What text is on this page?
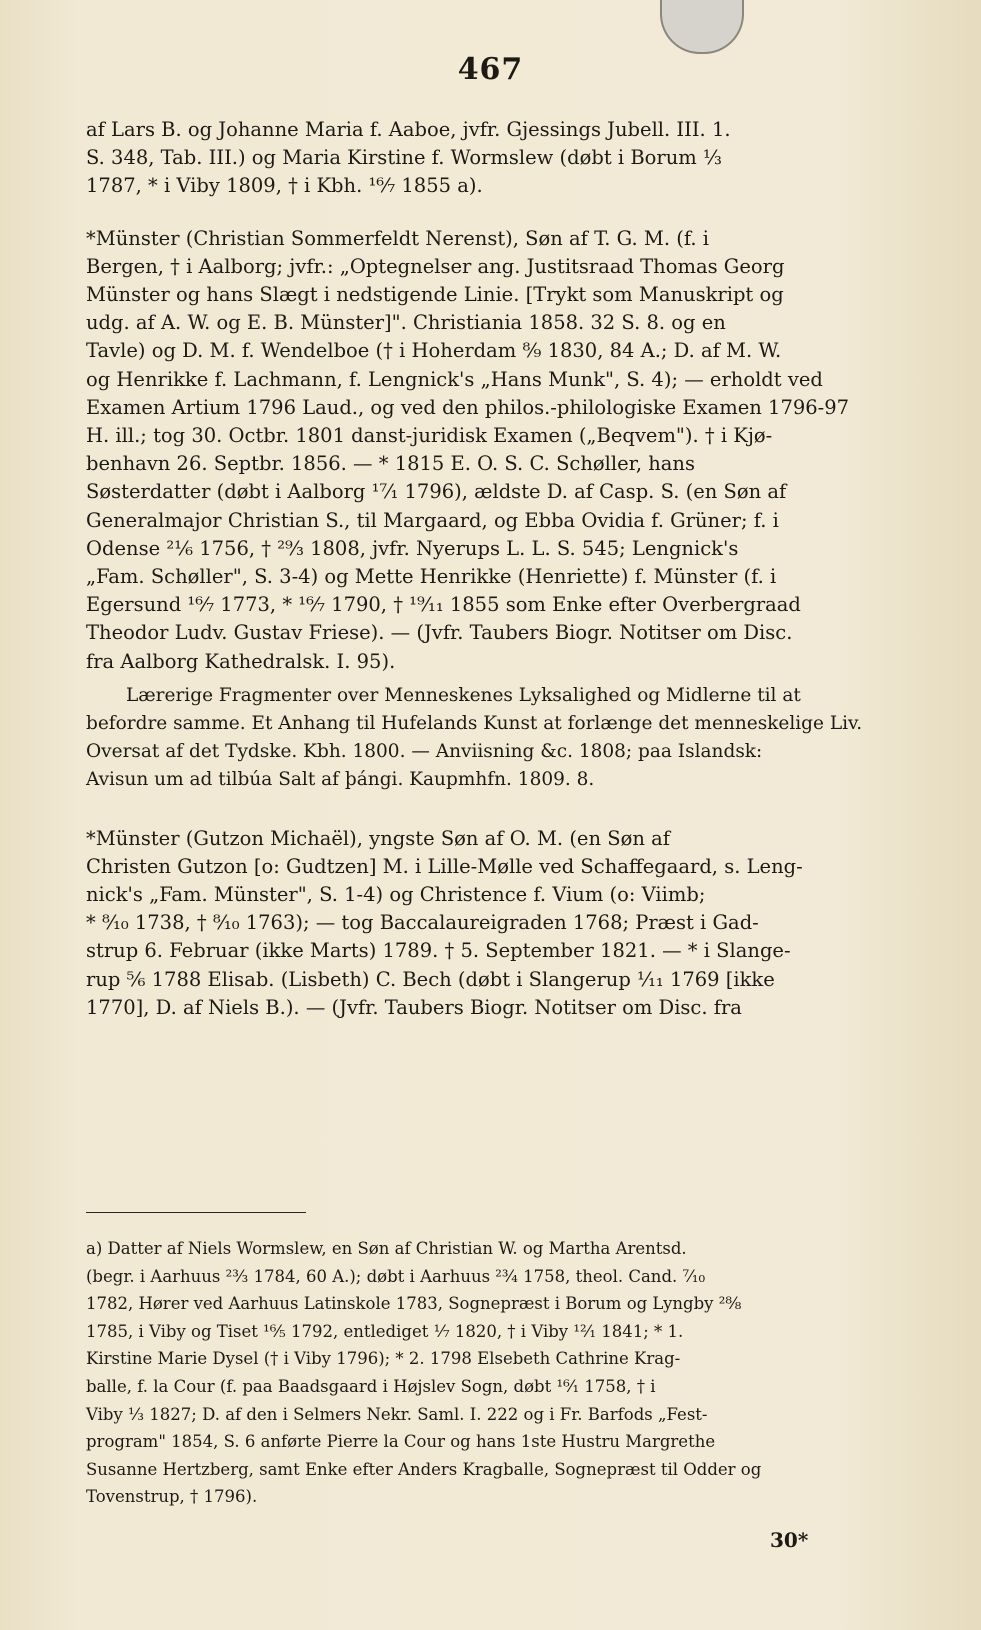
467

af Lars B. og Johanne Maria f. Aaboe, jvfr. Gjessings Jubell. III. 1.
S. 348, Tab. III.) og Maria Kirstine f. Wormslew (døbt i Borum ⅓
1787, * i Viby 1809, † i Kbh. ¹⁶⁄₇ 1855 a).

*Münster (Christian Sommerfeldt Nerenst), Søn af T. G. M. (f. i
Bergen, † i Aalborg; jvfr.: „Optegnelser ang. Justitsraad Thomas Georg
Münster og hans Slægt i nedstigende Linie. [Trykt som Manuskript og
udg. af A. W. og E. B. Münster]". Christiania 1858. 32 S. 8. og en
Tavle) og D. M. f. Wendelboe († i Hoherdam ⁸⁄₉ 1830, 84 A.; D. af M. W.
og Henrikke f. Lachmann, f. Lengnick's „Hans Munk", S. 4); — erholdt ved
Examen Artium 1796 Laud., og ved den philos.-philologiske Examen 1796-97
H. ill.; tog 30. Octbr. 1801 danst-juridisk Examen („Beqvem"). † i Kjø-
benhavn 26. Septbr. 1856. — * 1815 E. O. S. C. Schøller, hans
Søsterdatter (døbt i Aalborg ¹⁷⁄₁ 1796), ældste D. af Casp. S. (en Søn af
Generalmajor Christian S., til Margaard, og Ebba Ovidia f. Grüner; f. i
Odense ²¹⁄₆ 1756, † ²⁹⁄₃ 1808, jvfr. Nyerups L. L. S. 545; Lengnick's
„Fam. Schøller", S. 3-4) og Mette Henrikke (Henriette) f. Münster (f. i
Egersund ¹⁶⁄₇ 1773, * ¹⁶⁄₇ 1790, † ¹⁹⁄₁₁ 1855 som Enke efter Overbergraad
Theodor Ludv. Gustav Friese). — (Jvfr. Taubers Biogr. Notitser om Disc.
fra Aalborg Kathedralsk. I. 95).

Lærerige Fragmenter over Menneskenes Lyksalighed og Midlerne til at
befordre samme. Et Anhang til Hufelands Kunst at forlænge det menneskelige Liv.
Oversat af det Tydske. Kbh. 1800. — Anviisning &c. 1808; paa Islandsk:
Avisun um ad tilbúa Salt af þángi. Kaupmhfn. 1809. 8.

*Münster (Gutzon Michaël), yngste Søn af O. M. (en Søn af
Christen Gutzon [o: Gudtzen] M. i Lille-Mølle ved Schaffegaard, s. Leng-
nick's „Fam. Münster", S. 1-4) og Christence f. Vium (o: Viimb;
* ⁸⁄₁₀ 1738, † ⁸⁄₁₀ 1763); — tog Baccalaureigraden 1768; Præst i Gad-
strup 6. Februar (ikke Marts) 1789. † 5. September 1821. — * i Slange-
rup ⁵⁄₆ 1788 Elisab. (Lisbeth) C. Bech (døbt i Slangerup ¹⁄₁₁ 1769 [ikke
1770], D. af Niels B.). — (Jvfr. Taubers Biogr. Notitser om Disc. fra

a) Datter af Niels Wormslew, en Søn af Christian W. og Martha Arentsd.
(begr. i Aarhuus ²³⁄₃ 1784, 60 A.); døbt i Aarhuus ²³⁄₄ 1758, theol. Cand. ⁷⁄₁₀
1782, Hører ved Aarhuus Latinskole 1783, Sognepræst i Borum og Lyngby ²⁸⁄₈
1785, i Viby og Tiset ¹⁶⁄₅ 1792, entlediget ¹⁄₇ 1820, † i Viby ¹²⁄₁ 1841; * 1.
Kirstine Marie Dysel († i Viby 1796); * 2. 1798 Elsebeth Cathrine Krag-
balle, f. la Cour (f. paa Baadsgaard i Højslev Sogn, døbt ¹⁶⁄₁ 1758, † i
Viby ⅓ 1827; D. af den i Selmers Nekr. Saml. I. 222 og i Fr. Barfods „Fest-
program" 1854, S. 6 anførte Pierre la Cour og hans 1ste Hustru Margrethe
Susanne Hertzberg, samt Enke efter Anders Kragballe, Sognepræst til Odder og
Tovenstrup, † 1796).

30*
